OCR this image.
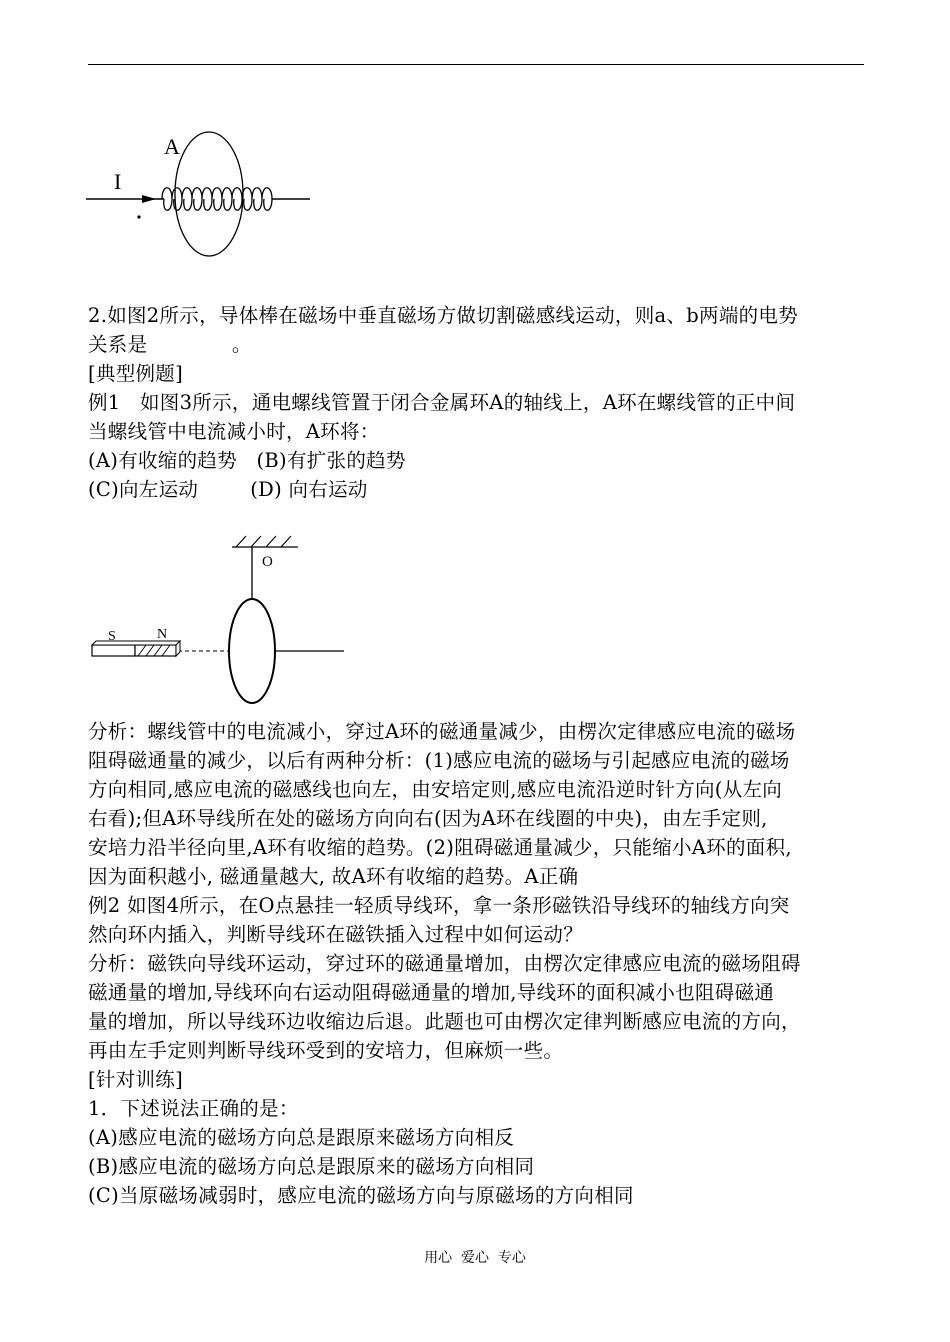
A
I
2.如图2所示，导体棒在磁场中垂直磁场方做切割磁感线运动，则a、b两端的电势
关系是             。
[典型例题]
例1   如图3所示，通电螺线管置于闭合金属环A的轴线上，A环在螺线管的正中间
当螺线管中电流减小时，A环将：
(A)有收缩的趋势   (B)有扩张的趋势
(C)向左运动        (D) 向右运动
O
S	N
分析：螺线管中的电流减小，穿过A环的磁通量减少，由楞次定律感应电流的磁场
阻碍磁通量的减少，以后有两种分析：(1)感应电流的磁场与引起感应电流的磁场
方向相同,感应电流的磁感线也向左，由安培定则,感应电流沿逆时针方向(从左向
右看);但A环导线所在处的磁场方向向右(因为A环在线圈的中央)，由左手定则,
安培力沿半径向里,A环有收缩的趋势。(2)阻碍磁通量减少，只能缩小A环的面积,
因为面积越小, 磁通量越大, 故A环有收缩的趋势。A正确
例2 如图4所示，在O点悬挂一轻质导线环，拿一条形磁铁沿导线环的轴线方向突
然向环内插入，判断导线环在磁铁插入过程中如何运动？
分析：磁铁向导线环运动，穿过环的磁通量增加，由楞次定律感应电流的磁场阻碍
磁通量的增加,导线环向右运动阻碍磁通量的增加,导线环的面积减小也阻碍磁通
量的增加，所以导线环边收缩边后退。此题也可由楞次定律判断感应电流的方向，
再由左手定则判断导线环受到的安培力，但麻烦一些。
[针对训练]
1．下述说法正确的是：
(A)感应电流的磁场方向总是跟原来磁场方向相反
(B)感应电流的磁场方向总是跟原来的磁场方向相同
(C)当原磁场减弱时，感应电流的磁场方向与原磁场的方向相同
用心  爱心  专心
